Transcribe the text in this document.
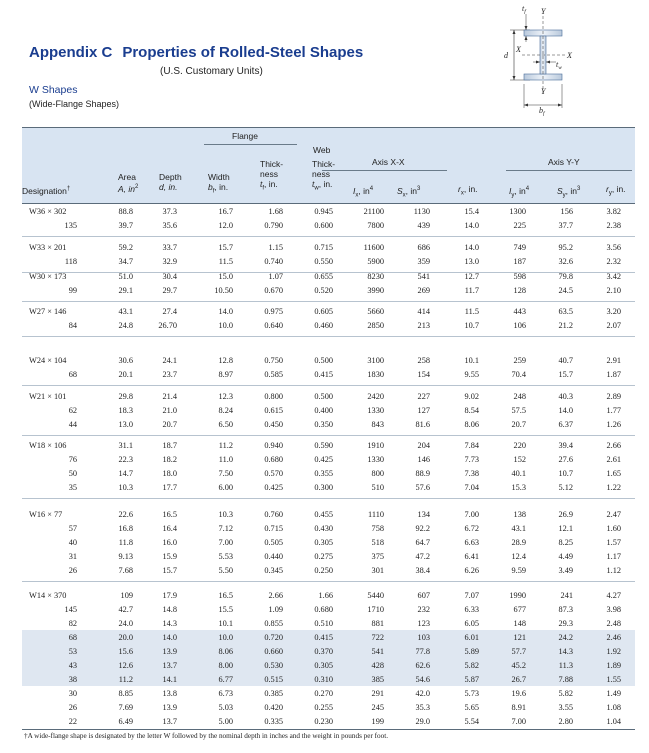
Appendix C Properties of Rolled-Steel Shapes
(U.S. Customary Units)
W Shapes
(Wide-Flange Shapes)
$t_f$ Y
d
X
X
$t_w$
Y
$b_f$
Flange
Web
Axis X-X	Axis Y-Y
Designation†
Area
A, $in^2$
Depth
d, in.
Width
$b_f$, in.
Thick-
ness
$t_f$, in.
Thick-
ness
$t_w$, in.
$I_x$, $in^4$	$S_x$, $in^3$	$r_x$, in.	$I_y$, $in^4$	$S_y$, $in^3$	$r_y$, in.
W36 × 302	88.8	37.3	16.7	1.68	0.945	21100	1130	15.4	1300	156	3.82
135	39.7	35.6	12.0	0.790	0.600	7800	439	14.0	225	37.7	2.38
W33 × 201	59.2	33.7	15.7	1.15	0.715	11600	686	14.0	749	95.2	3.56
118	34.7	32.9	11.5	0.740	0.550	5900	359	13.0	187	32.6	2.32
W30 × 173	51.0	30.4	15.0	1.07	0.655	8230	541	12.7	598	79.8	3.42
99	29.1	29.7	10.50	0.670	0.520	3990	269	11.7	128	24.5	2.10
W27 × 146	43.1	27.4	14.0	0.975	0.605	5660	414	11.5	443	63.5	3.20
84	24.8	26.70	10.0	0.640	0.460	2850	213	10.7	106	21.2	2.07
W24 × 104	30.6	24.1	12.8	0.750	0.500	3100	258	10.1	259	40.7	2.91
68	20.1	23.7	8.97	0.585	0.415	1830	154	9.55	70.4	15.7	1.87
W21 × 101	29.8	21.4	12.3	0.800	0.500	2420	227	9.02	248	40.3	2.89
62	18.3	21.0	8.24	0.615	0.400	1330	127	8.54	57.5	14.0	1.77
44	13.0	20.7	6.50	0.450	0.350	843	81.6	8.06	20.7	6.37	1.26
W18 × 106	31.1	18.7	11.2	0.940	0.590	1910	204	7.84	220	39.4	2.66
76	22.3	18.2	11.0	0.680	0.425	1330	146	7.73	152	27.6	2.61
50	14.7	18.0	7.50	0.570	0.355	800	88.9	7.38	40.1	10.7	1.65
35	10.3	17.7	6.00	0.425	0.300	510	57.6	7.04	15.3	5.12	1.22
W16 × 77	22.6	16.5	10.3	0.760	0.455	1110	134	7.00	138	26.9	2.47
57	16.8	16.4	7.12	0.715	0.430	758	92.2	6.72	43.1	12.1	1.60
40	11.8	16.0	7.00	0.505	0.305	518	64.7	6.63	28.9	8.25	1.57
31	9.13	15.9	5.53	0.440	0.275	375	47.2	6.41	12.4	4.49	1.17
26	7.68	15.7	5.50	0.345	0.250	301	38.4	6.26	9.59	3.49	1.12
W14 × 370	109	17.9	16.5	2.66	1.66	5440	607	7.07	1990	241	4.27
145	42.7	14.8	15.5	1.09	0.680	1710	232	6.33	677	87.3	3.98
82	24.0	14.3	10.1	0.855	0.510	881	123	6.05	148	29.3	2.48
68	20.0	14.0	10.0	0.720	0.415	722	103	6.01	121	24.2	2.46
53	15.6	13.9	8.06	0.660	0.370	541	77.8	5.89	57.7	14.3	1.92
43	12.6	13.7	8.00	0.530	0.305	428	62.6	5.82	45.2	11.3	1.89
38	11.2	14.1	6.77	0.515	0.310	385	54.6	5.87	26.7	7.88	1.55
30	8.85	13.8	6.73	0.385	0.270	291	42.0	5.73	19.6	5.82	1.49
26	7.69	13.9	5.03	0.420	0.255	245	35.3	5.65	8.91	3.55	1.08
22	6.49	13.7	5.00	0.335	0.230	199	29.0	5.54	7.00	2.80	1.04
†A wide-flange shape is designated by the letter W followed by the nominal depth in inches and the weight in pounds per foot.
